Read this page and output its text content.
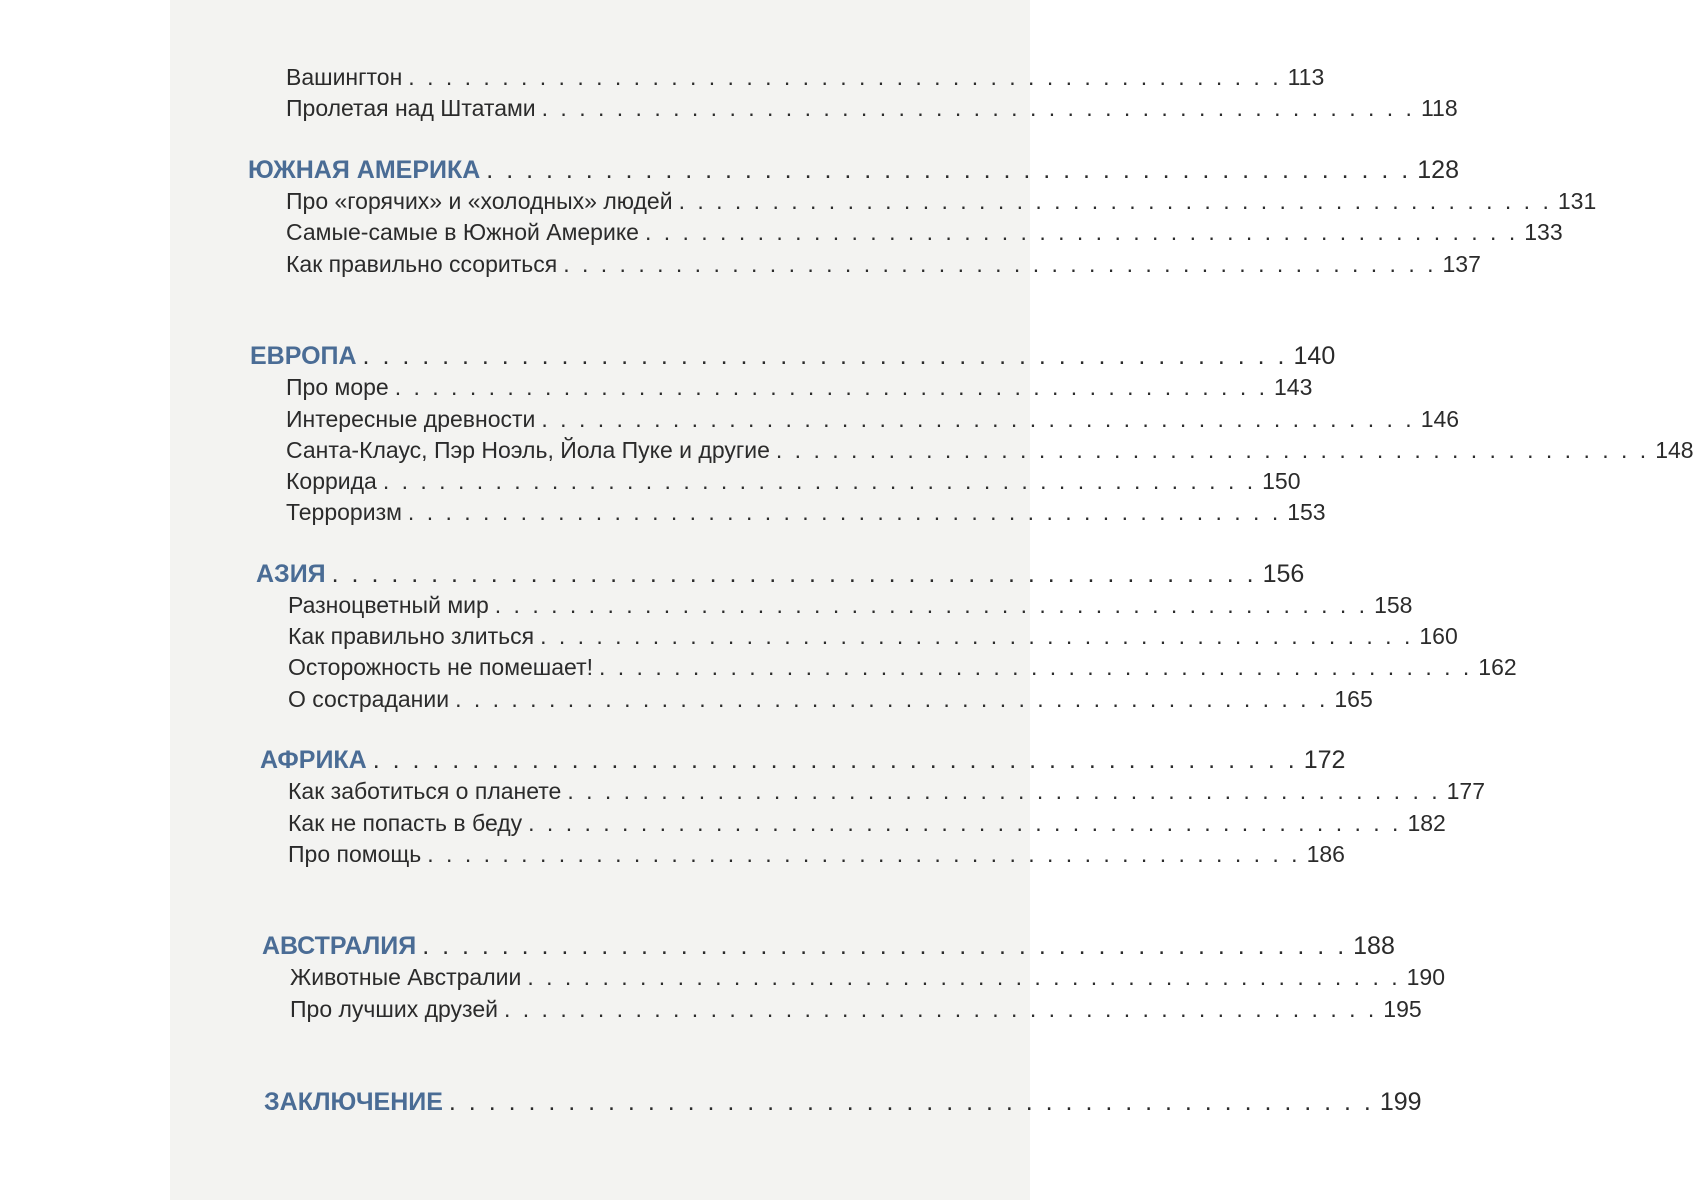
Вашингтон . . . . . . . . . . . . . . . . . . . . . . . . . . . . . . . . . . . . . . . . . . . . . . . 113
Пролетая над Штатами . . . . . . . . . . . . . . . . . . . . . . . . . . . . . . . . . . . . . . . . . . . . . . . 118
ЮЖНАЯ АМЕРИКА . . . . . . . . . . . . . . . . . . . . . . . . . . . . . . . . . . . . . . . . . . . . . . . 128
Про «горячих» и «холодных» людей . . . . . . . . . . . . . . . . . . . . . . . . . . . . . . . . . . . . . . . . . . . . . . . 131
Самые-самые в Южной Америке . . . . . . . . . . . . . . . . . . . . . . . . . . . . . . . . . . . . . . . . . . . . . . . 133
Как правильно ссориться . . . . . . . . . . . . . . . . . . . . . . . . . . . . . . . . . . . . . . . . . . . . . . . 137
ЕВРОПА . . . . . . . . . . . . . . . . . . . . . . . . . . . . . . . . . . . . . . . . . . . . . . . 140
Про море . . . . . . . . . . . . . . . . . . . . . . . . . . . . . . . . . . . . . . . . . . . . . . . 143
Интересные древности . . . . . . . . . . . . . . . . . . . . . . . . . . . . . . . . . . . . . . . . . . . . . . . 146
Санта-Клаус, Пэр Ноэль, Йола Пуке и другие . . . . . . . . . . . . . . . . . . . . . . . . . . . . . . . . . . . . . . . . . . . . . . . 148
Коррида . . . . . . . . . . . . . . . . . . . . . . . . . . . . . . . . . . . . . . . . . . . . . . . 150
Терроризм . . . . . . . . . . . . . . . . . . . . . . . . . . . . . . . . . . . . . . . . . . . . . . . 153
АЗИЯ . . . . . . . . . . . . . . . . . . . . . . . . . . . . . . . . . . . . . . . . . . . . . . . 156
Разноцветный мир . . . . . . . . . . . . . . . . . . . . . . . . . . . . . . . . . . . . . . . . . . . . . . . 158
Как правильно злиться . . . . . . . . . . . . . . . . . . . . . . . . . . . . . . . . . . . . . . . . . . . . . . . 160
Осторожность не помешает! . . . . . . . . . . . . . . . . . . . . . . . . . . . . . . . . . . . . . . . . . . . . . . . 162
О сострадании . . . . . . . . . . . . . . . . . . . . . . . . . . . . . . . . . . . . . . . . . . . . . . . 165
АФРИКА . . . . . . . . . . . . . . . . . . . . . . . . . . . . . . . . . . . . . . . . . . . . . . . 172
Как заботиться о планете . . . . . . . . . . . . . . . . . . . . . . . . . . . . . . . . . . . . . . . . . . . . . . . 177
Как не попасть в беду . . . . . . . . . . . . . . . . . . . . . . . . . . . . . . . . . . . . . . . . . . . . . . . 182
Про помощь . . . . . . . . . . . . . . . . . . . . . . . . . . . . . . . . . . . . . . . . . . . . . . . 186
АВСТРАЛИЯ . . . . . . . . . . . . . . . . . . . . . . . . . . . . . . . . . . . . . . . . . . . . . . . 188
Животные Австралии . . . . . . . . . . . . . . . . . . . . . . . . . . . . . . . . . . . . . . . . . . . . . . . 190
Про лучших друзей . . . . . . . . . . . . . . . . . . . . . . . . . . . . . . . . . . . . . . . . . . . . . . . 195
ЗАКЛЮЧЕНИЕ . . . . . . . . . . . . . . . . . . . . . . . . . . . . . . . . . . . . . . . . . . . . . . . 199
